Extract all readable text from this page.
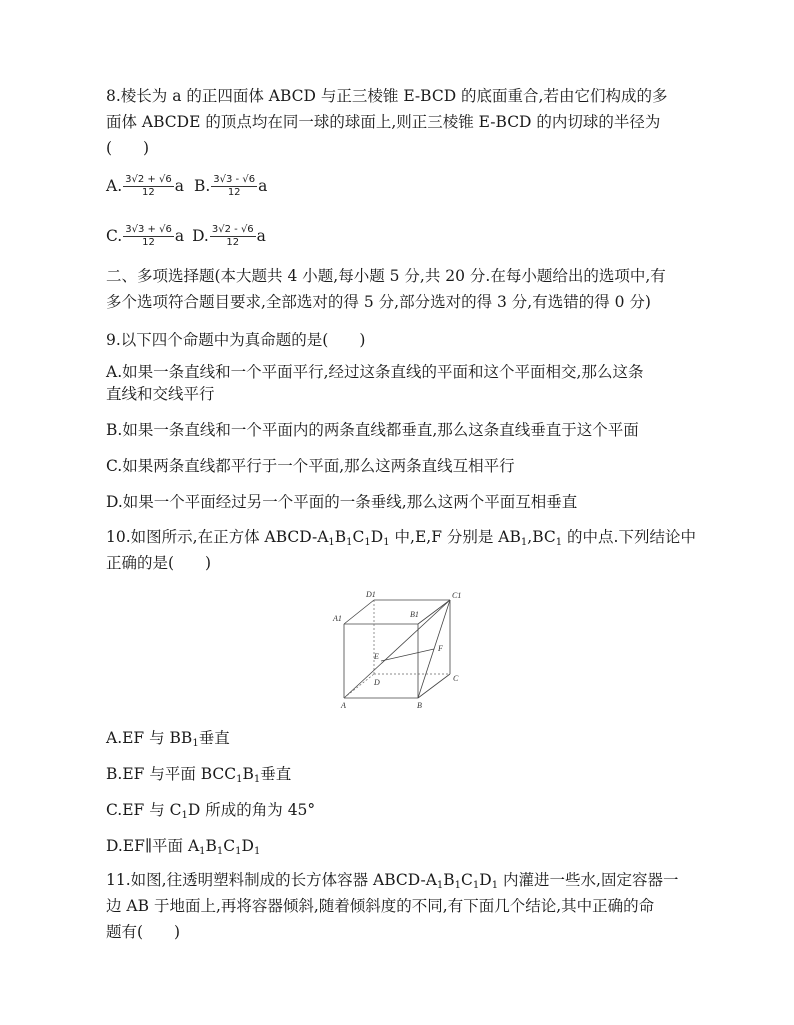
8.棱长为 a 的正四面体 ABCD 与正三棱锥 E-BCD 的底面重合,若由它们构成的多
面体 ABCDE 的顶点均在同一球的球面上,则正三棱锥 E-BCD 的内切球的半径为
(　　)
A. $\frac{3√2 + √6}{12}$ a B. $\frac{3√3 - √6}{12}$ a
C. $\frac{3√3 + √6}{12}$ a D. $\frac{3√2 - √6}{12}$ a
二、多项选择题(本大题共 4 小题,每小题 5 分,共 20 分.在每小题给出的选项中,有
多个选项符合题目要求,全部选对的得 5 分,部分选对的得 3 分,有选错的得 0 分)
9.以下四个命题中为真命题的是(　　)
A.如果一条直线和一个平面平行,经过这条直线的平面和这个平面相交,那么这条
直线和交线平行
B.如果一条直线和一个平面内的两条直线都垂直,那么这条直线垂直于这个平面
C.如果两条直线都平行于一个平面,那么这两条直线互相平行
D.如果一个平面经过另一个平面的一条垂线,那么这两个平面互相垂直
10.如图所示,在正方体 ABCD-$A_1B_1C_1D_1$ 中,E,F 分别是 $AB_1,BC_1$ 的中点.下列结论中
正确的是(　　)
D1	C1
A1	B1
E
F
D	C
A	B
A.EF 与 $BB_1$垂直
B.EF 与平面 $BCC_1B_1$垂直
C.EF 与 $C_1D$ 所成的角为 45°
D.EF∥平面 $A_1B_1C_1D_1$
11.如图,往透明塑料制成的长方体容器 ABCD-$A_1B_1C_1D_1$ 内灌进一些水,固定容器一
边 AB 于地面上,再将容器倾斜,随着倾斜度的不同,有下面几个结论,其中正确的命
题有(　　)
